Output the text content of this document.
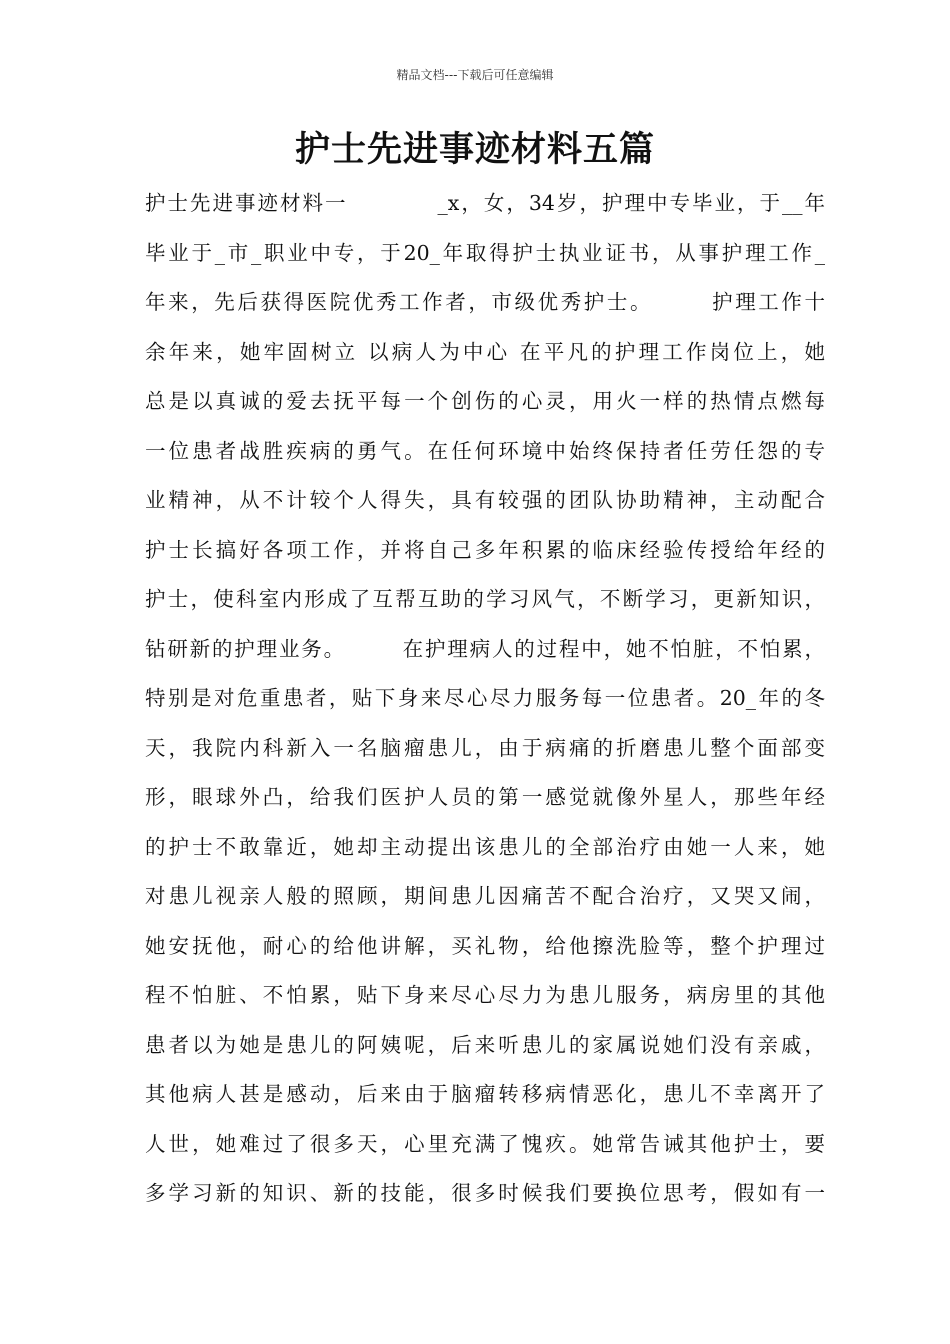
精品文档---下载后可任意编辑
护士先进事迹材料五篇
护士先进事迹材料一　　　　_x，女，34岁，护理中专毕业，于__年
毕业于_市_职业中专，于20_年取得护士执业证书，从事护理工作_
年来，先后获得医院优秀工作者，市级优秀护士。　　　护理工作十
余年来，她牢固树立 以病人为中心 在平凡的护理工作岗位上，她
总是以真诚的爱去抚平每一个创伤的心灵，用火一样的热情点燃每
一位患者战胜疾病的勇气。在任何环境中始终保持者任劳任怨的专
业精神，从不计较个人得失，具有较强的团队协助精神，主动配合
护士长搞好各项工作，并将自己多年积累的临床经验传授给年经的
护士，使科室内形成了互帮互助的学习风气，不断学习，更新知识，
钻研新的护理业务。　　　在护理病人的过程中，她不怕脏，不怕累，
特别是对危重患者，贴下身来尽心尽力服务每一位患者。20_年的冬
天，我院内科新入一名脑瘤患儿，由于病痛的折磨患儿整个面部变
形，眼球外凸，给我们医护人员的第一感觉就像外星人，那些年经
的护士不敢靠近，她却主动提出该患儿的全部治疗由她一人来，她
对患儿视亲人般的照顾，期间患儿因痛苦不配合治疗，又哭又闹，
她安抚他，耐心的给他讲解，买礼物，给他擦洗脸等，整个护理过
程不怕脏、不怕累，贴下身来尽心尽力为患儿服务，病房里的其他
患者以为她是患儿的阿姨呢，后来听患儿的家属说她们没有亲戚，
其他病人甚是感动，后来由于脑瘤转移病情恶化，患儿不幸离开了
人世，她难过了很多天，心里充满了愧疚。她常告诫其他护士，要
多学习新的知识、新的技能，很多时候我们要换位思考，假如有一
